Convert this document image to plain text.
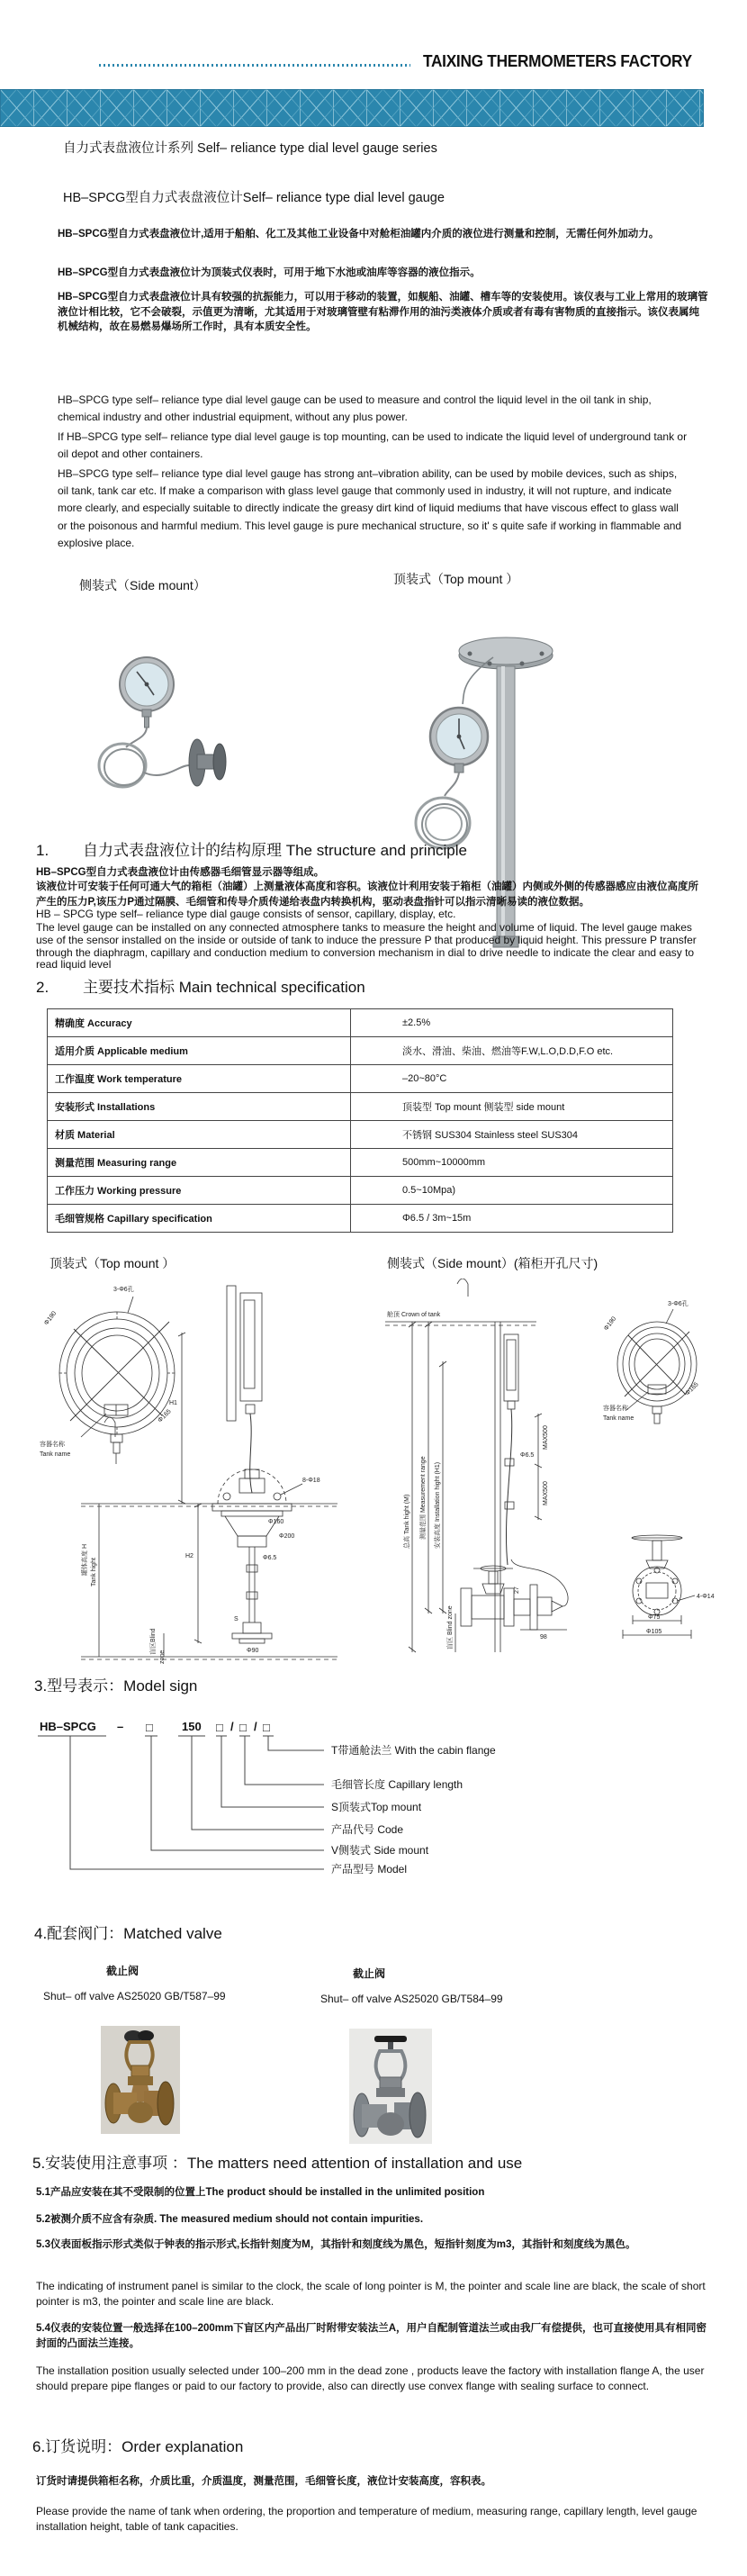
TAIXING THERMOMETERS FACTORY
自力式表盘液位计系列 Self– reliance type dial level gauge series
HB–SPCG型自力式表盘液位计Self– reliance type dial level gauge
HB–SPCG型自力式表盘液位计,适用于船舶、化工及其他工业设备中对舱柜油罐内介质的液位进行测量和控制，无需任何外加动力。
HB–SPCG型自力式表盘液位计为顶装式仪表时，可用于地下水池或油库等容器的液位指示。
HB–SPCG型自力式表盘液位计具有较强的抗振能力，可以用于移动的装置，如舰船、油罐、槽车等的安装使用。该仪表与工业上常用的玻璃管液位计相比较，它不会破裂，示值更为清晰，尤其适用于对玻璃管壁有粘滞作用的油污类液体介质或者有毒有害物质的直接指示。该仪表属纯机械结构，故在易燃易爆场所工作时，具有本质安全性。
HB–SPCG type self– reliance type dial level gauge can be used to measure and control the liquid level in the oil tank in ship, chemical industry and other industrial equipment, without any plus power.
If HB–SPCG type self– reliance type dial level gauge is top mounting, can be used to indicate the liquid level of underground tank or oil depot and other containers.
HB–SPCG type self– reliance type dial level gauge has strong ant–vibration ability, can be used by mobile devices, such as ships, oil tank, tank car etc. If make a comparison with glass level gauge that commonly used in industry, it will not rupture, and indicate more clearly, and especially suitable to directly indicate the greasy dirt kind of liquid mediums that have viscous effect to glass wall or the poisonous and harmful medium. This level gauge is pure mechanical structure, so it' s quite safe if working in flammable and explosive place.
侧装式（Side mount）	顶装式（Top mount ）
1. 自力式表盘液位计的结构原理 The structure and principle
HB–SPCG型自力式表盘液位计由传感器毛细管显示器等组成。
该液位计可安装于任何可通大气的箱柜（油罐）上测量液体高度和容积。该液位计利用安装于箱柜（油罐）内侧或外侧的传感器感应由液位高度所产生的压力P,该压力P通过隔膜、毛细管和传导介质传递给表盘内转换机构，驱动表盘指针可以指示清晰易读的液位数据。
HB – SPCG type self– reliance type dial gauge consists of sensor, capillary, display, etc.
The level gauge can be installed on any connected atmosphere tanks to measure the height and volume of liquid. The level gauge makes use of the sensor installed on the inside or outside of tank to induce the pressure P that produced by liquid height. This pressure P transfer through the diaphragm, capillary and conduction medium to conversion mechanism in dial to drive needle to indicate the clear and easy to read liquid level
2. 主要技术指标 Main technical specification
精确度 Accuracy	±2.5%
适用介质 Applicable medium	淡水、滑油、柴油、燃油等F.W,L.O,D.D,F.O etc.
工作温度 Work temperature	–20~80°C
安装形式 Installations	顶装型 Top mount 侧装型 side mount
材质 Material	不锈钢 SUS304 Stainless steel SUS304
测量范围 Measuring range	500mm~10000mm
工作压力 Working pressure	0.5~10Mpa)
毛细管规格 Capillary specification	Φ6.5 / 3m~15m
顶装式（Top mount ）	侧装式（Side mount）(箱柜开孔尺寸)
3-Φ6孔
Φ190
Φ165
容器名称
Tank name
H1
H2
8-Φ18
Φ160
Φ200
Φ6.5
S
Φ90
罐体高度 H Tank hight
盲区Blind
zone
舱顶 Crown of tank
总高 Tank hight (M) 测量范围 Measurement range 安装高度 Installation hight (H1)
Φ6.5
MAX500
MAX500
盲区 Blind zone	98
27
3-Φ6孔
Φ190
Φ165
容器名称
Tank name
4-Φ14
Φ75
Φ105
3.型号表示：Model sign
HB–SPCG – □ 150 □ / □ / □
T带通舱法兰 With the cabin flange
毛细管长度 Capillary length
S顶装式Top mount
产品代号 Code
V侧装式 Side mount
产品型号 Model
4.配套阀门：Matched valve
截止阀	截止阀
Shut– off valve AS25020 GB/T587–99	Shut– off valve AS25020 GB/T584–99
5.安装使用注意事项 ：The matters need attention of installation and use
5.1产品应安装在其不受限制的位置上The product should be installed in the unlimited position
5.2被测介质不应含有杂质. The measured medium should not contain impurities.
5.3仪表面板指示形式类似于钟表的指示形式,长指针刻度为M，其指针和刻度线为黑色，短指针刻度为m3，其指针和刻度线为黑色。
The indicating of instrument panel is similar to the clock, the scale of long pointer is M, the pointer and scale line are black, the scale of short pointer is m3, the pointer and scale line are black.
5.4仪表的安装位置一般选择在100–200mm下盲区内产品出厂时附带安装法兰A，用户自配制管道法兰或由我厂有偿提供，也可直接使用具有相同密封面的凸面法兰连接。
The installation position usually selected under 100–200 mm in the dead zone , products leave the factory with installation flange A, the user should prepare pipe flanges or paid to our factory to provide, also can directly use convex flange with sealing surface to connect.
6.订货说明：Order explanation
订货时请提供箱柜名称，介质比重，介质温度，测量范围，毛细管长度，液位计安装高度，容积表。
Please provide the name of tank when ordering, the proportion and temperature of medium, measuring range, capillary length, level gauge installation height, table of tank capacities.
